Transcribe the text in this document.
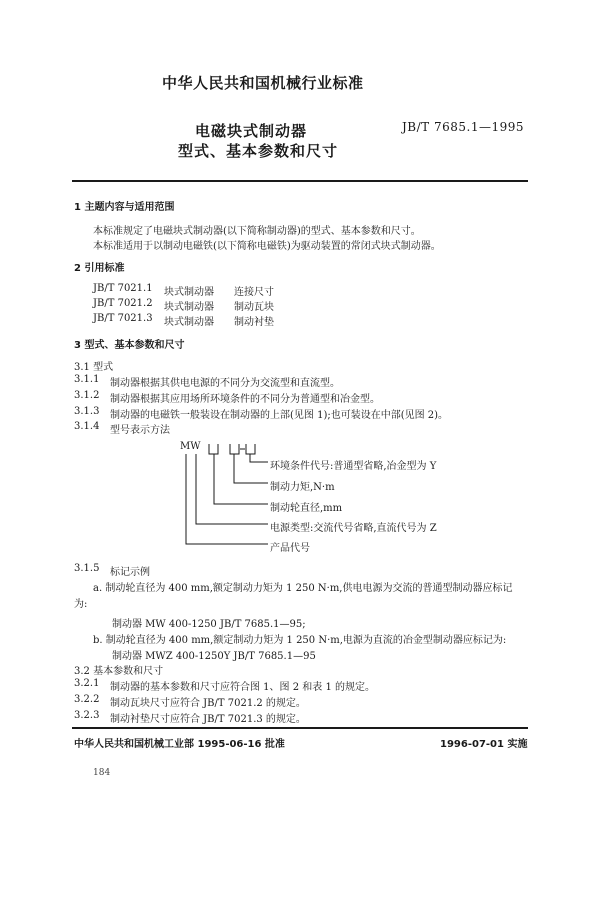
中华人民共和国机械行业标准
电磁块式制动器
型式、基本参数和尺寸
JB/T 7685.1—1995
1 主题内容与适用范围
本标准规定了电磁块式制动器(以下简称制动器)的型式、基本参数和尺寸。
本标准适用于以制动电磁铁(以下简称电磁铁)为驱动装置的常闭式块式制动器。
2 引用标准
JB/T 7021.1 块式制动器 连接尺寸
JB/T 7021.2 块式制动器 制动瓦块
JB/T 7021.3 块式制动器 制动衬垫
3 型式、基本参数和尺寸
3.1 型式
3.1.1 制动器根据其供电电源的不同分为交流型和直流型。
3.1.2 制动器根据其应用场所环境条件的不同分为普通型和冶金型。
3.1.3 制动器的电磁铁一般装设在制动器的上部(见图 1);也可装设在中部(见图 2)。
3.1.4 型号表示方法
MW
环境条件代号:普通型省略,冶金型为 Y
制动力矩,N·m
制动轮直径,mm
电源类型:交流代号省略,直流代号为 Z
产品代号
3.1.5 标记示例
a. 制动轮直径为 400 mm,额定制动力矩为 1 250 N·m,供电电源为交流的普通型制动器应标记
为:
制动器 MW 400-1250 JB/T 7685.1—95;
b. 制动轮直径为 400 mm,额定制动力矩为 1 250 N·m,电源为直流的冶金型制动器应标记为:
制动器 MWZ 400-1250Y JB/T 7685.1—95
3.2 基本参数和尺寸
3.2.1 制动器的基本参数和尺寸应符合图 1、图 2 和表 1 的规定。
3.2.2 制动瓦块尺寸应符合 JB/T 7021.2 的规定。
3.2.3 制动衬垫尺寸应符合 JB/T 7021.3 的规定。
中华人民共和国机械工业部 1995-06-16 批准	1996-07-01 实施
184
